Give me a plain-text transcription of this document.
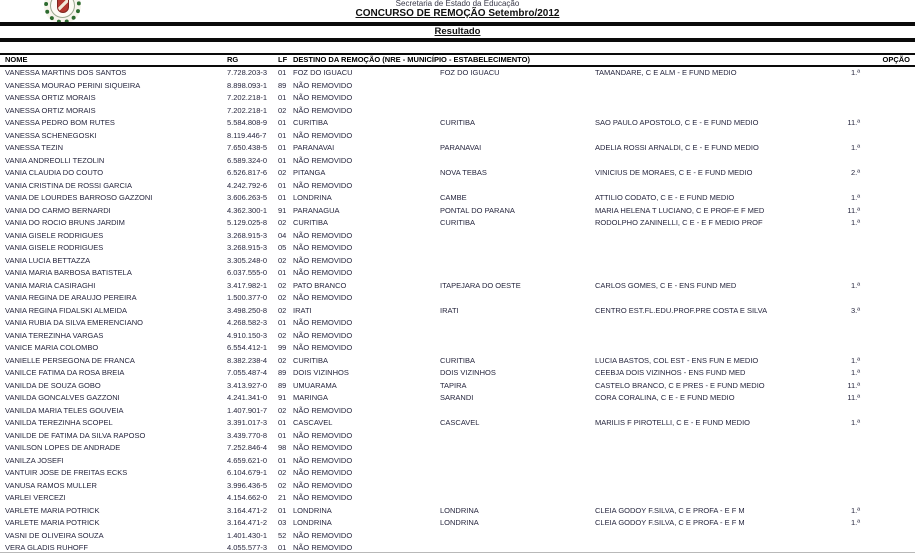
Secretaria de Estado da Educação
CONCURSO DE REMOÇÃO Setembro/2012
Resultado
NOME	RG	LF DESTINO DA REMOÇÃO (NRE - MUNICÍPIO - ESTABELECIMENTO)	OPÇÃO
VANESSA MARTINS DOS SANTOS	7.728.203-3	01 FOZ DO IGUACU	FOZ DO IGUACU	TAMANDARE, C E ALM - E FUND MEDIO	1.ª
VANESSA MOURAO PERINI SIQUEIRA	8.898.093-1	89 NÃO REMOVIDO
VANESSA ORTIZ MORAIS	7.202.218-1	01 NÃO REMOVIDO
VANESSA ORTIZ MORAIS	7.202.218-1	02 NÃO REMOVIDO
VANESSA PEDRO BOM RUTES	5.584.808-9	01 CURITIBA	CURITIBA	SAO PAULO APOSTOLO, C E - E FUND MEDIO	11.ª
VANESSA SCHENEGOSKI	8.119.446-7	01 NÃO REMOVIDO
VANESSA TEZIN	7.650.438-5	01 PARANAVAI	PARANAVAI	ADELIA ROSSI ARNALDI, C E - E FUND MEDIO	1.ª
VANIA ANDREOLLI TEZOLIN	6.589.324-0	01 NÃO REMOVIDO
VANIA CLAUDIA DO COUTO	6.526.817-6	02 PITANGA	NOVA TEBAS	VINICIUS DE MORAES, C E - E FUND MEDIO	2.ª
VANIA CRISTINA DE ROSSI GARCIA	4.242.792-6	01 NÃO REMOVIDO
VANIA DE LOURDES BARROSO GAZZONI	3.606.263-5	01 LONDRINA	CAMBE	ATTILIO CODATO, C E - E FUND MEDIO	1.ª
VANIA DO CARMO BERNARDI	4.362.300-1	91 PARANAGUA	PONTAL DO PARANA	MARIA HELENA T LUCIANO, C E PROF-E F MED	11.ª
VANIA DO ROCIO BRUNS JARDIM	5.129.025-8	02 CURITIBA	CURITIBA	RODOLPHO ZANINELLI, C E - E F MEDIO PROF	1.ª
VANIA GISELE RODRIGUES	3.268.915-3	04 NÃO REMOVIDO
VANIA GISELE RODRIGUES	3.268.915-3	05 NÃO REMOVIDO
VANIA LUCIA BETTAZZA	3.305.248-0	02 NÃO REMOVIDO
VANIA MARIA BARBOSA BATISTELA	6.037.555-0	01 NÃO REMOVIDO
VANIA MARIA CASIRAGHI	3.417.982-1	02 PATO BRANCO	ITAPEJARA DO OESTE	CARLOS GOMES, C E - ENS FUND MED	1.ª
VANIA REGINA DE ARAUJO PEREIRA	1.500.377-0	02 NÃO REMOVIDO
VANIA REGINA FIDALSKI ALMEIDA	3.498.250-8	02 IRATI	IRATI	CENTRO EST.FL.EDU.PROF.PRE COSTA E SILVA	3.ª
VANIA RUBIA DA SILVA EMERENCIANO	4.268.582-3	01 NÃO REMOVIDO
VANIA TEREZINHA VARGAS	4.910.150-3	02 NÃO REMOVIDO
VANICE MARIA COLOMBO	6.554.412-1	99 NÃO REMOVIDO
VANIELLE PERSEGONA DE FRANCA	8.382.238-4	02 CURITIBA	CURITIBA	LUCIA BASTOS, COL EST - ENS FUN E MEDIO	1.ª
VANILCE FATIMA DA ROSA BREIA	7.055.487-4	89 DOIS VIZINHOS	DOIS VIZINHOS	CEEBJA DOIS VIZINHOS - ENS FUND MED	1.ª
VANILDA DE SOUZA GOBO	3.413.927-0	89 UMUARAMA	TAPIRA	CASTELO BRANCO, C E PRES - E FUND MEDIO	11.ª
VANILDA GONCALVES GAZZONI	4.241.341-0	91 MARINGA	SARANDI	CORA CORALINA, C E - E FUND MEDIO	11.ª
VANILDA MARIA TELES GOUVEIA	1.407.901-7	02 NÃO REMOVIDO
VANILDA TEREZINHA SCOPEL	3.391.017-3	01 CASCAVEL	CASCAVEL	MARILIS F PIROTELLI, C E - E FUND MEDIO	1.ª
VANILDE DE FATIMA DA SILVA RAPOSO	3.439.770-8	01 NÃO REMOVIDO
VANILSON LOPES DE ANDRADE	7.252.846-4	98 NÃO REMOVIDO
VANILZA JOSEFI	4.659.621-0	01 NÃO REMOVIDO
VANTUIR JOSE DE FREITAS ECKS	6.104.679-1	02 NÃO REMOVIDO
VANUSA RAMOS MULLER	3.996.436-5	02 NÃO REMOVIDO
VARLEI VERCEZI	4.154.662-0	21 NÃO REMOVIDO
VARLETE MARIA POTRICK	3.164.471-2	01 LONDRINA	LONDRINA	CLEIA GODOY F.SILVA, C E PROFA - E F M	1.ª
VARLETE MARIA POTRICK	3.164.471-2	03 LONDRINA	LONDRINA	CLEIA GODOY F.SILVA, C E PROFA - E F M	1.ª
VASNI DE OLIVEIRA SOUZA	1.401.430-1	52 NÃO REMOVIDO
VERA GLADIS RUHOFF	4.055.577-3	01 NÃO REMOVIDO
